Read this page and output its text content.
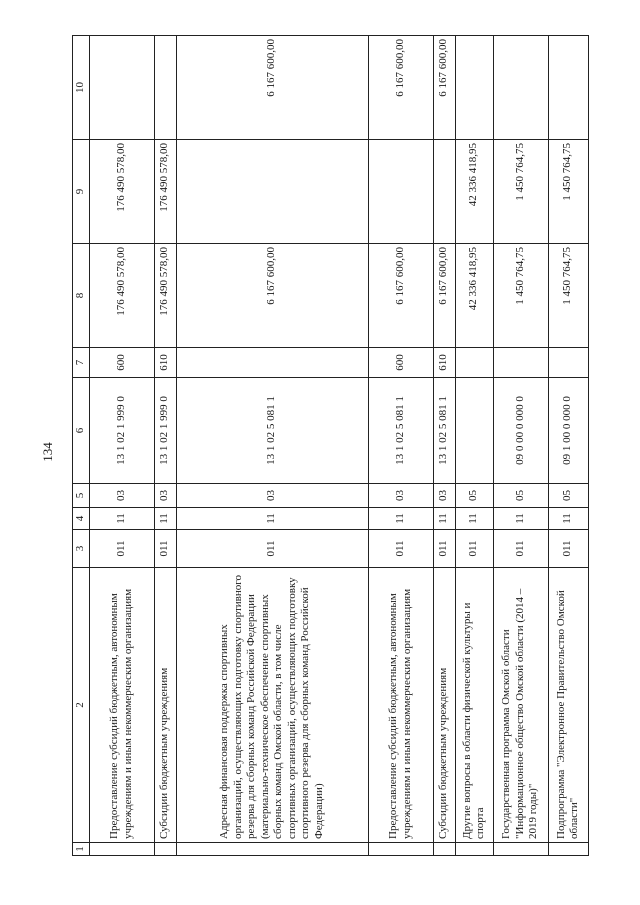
134
1	2	3	4	5	6	7	8	9	10
	Предоставление субсидий бюджетным, автономным учреждениям и иным некоммерческим организациям	011	11	03	13 1 02 1 999 0	600	176 490 578,00	176 490 578,00	
	Субсидии бюджетным учреждениям	011	11	03	13 1 02 1 999 0	610	176 490 578,00	176 490 578,00	
	Адресная финансовая поддержка спортивных организаций, осуществляющих подготовку спортивного резерва для сборных команд Российской Федерации (материально-техническое обеспечение спортивных сборных команд Омской области, в том числе спортивных организаций, осуществляющих подготовку спортивного резерва для сборных команд Российской Федерации)	011	11	03	13 1 02 5 081 1		6 167 600,00		6 167 600,00
	Предоставление субсидий бюджетным, автономным учреждениям и иным некоммерческим организациям	011	11	03	13 1 02 5 081 1	600	6 167 600,00		6 167 600,00
	Субсидии бюджетным учреждениям	011	11	03	13 1 02 5 081 1	610	6 167 600,00		6 167 600,00
	Другие вопросы в области физической культуры и спорта	011	11	05			42 336 418,95	42 336 418,95	
	Государственная программа Омской области "Информационное общество Омской области (2014 – 2019 годы)"	011	11	05	09 0 00 0 000 0		1 450 764,75	1 450 764,75	
	Подпрограмма "Электронное Правительство Омской области"	011	11	05	09 1 00 0 000 0		1 450 764,75	1 450 764,75	
